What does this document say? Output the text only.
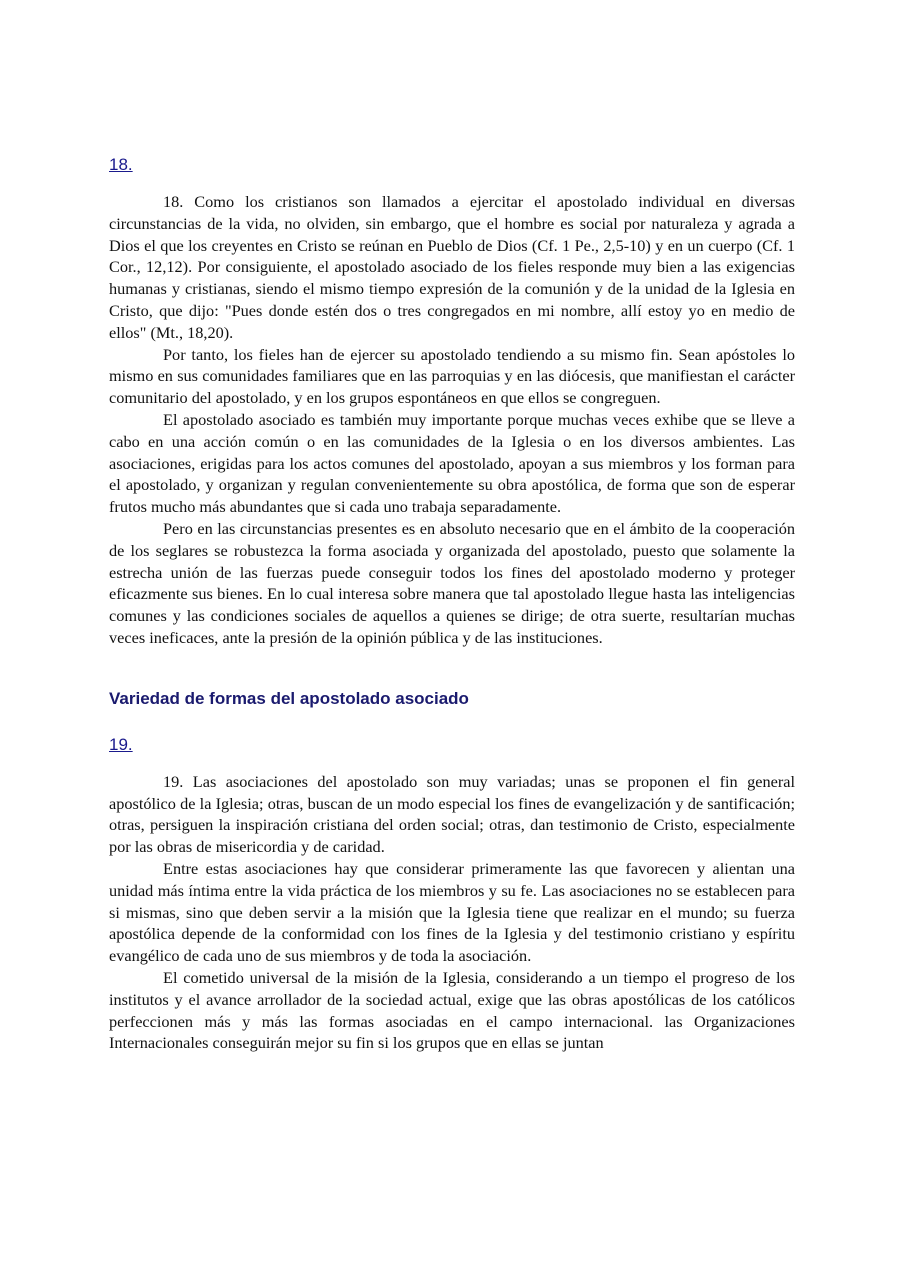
18.

18. Como los cristianos son llamados a ejercitar el apostolado individual en diversas circunstancias de la vida, no olviden, sin embargo, que el hombre es social por naturaleza y agrada a Dios el que los creyentes en Cristo se reúnan en Pueblo de Dios (Cf. 1 Pe., 2,5-10) y en un cuerpo (Cf. 1 Cor., 12,12). Por consiguiente, el apostolado asociado de los fieles responde muy bien a las exigencias humanas y cristianas, siendo el mismo tiempo expresión de la comunión y de la unidad de la Iglesia en Cristo, que dijo: "Pues donde estén dos o tres congregados en mi nombre, allí estoy yo en medio de ellos" (Mt., 18,20).

Por tanto, los fieles han de ejercer su apostolado tendiendo a su mismo fin. Sean apóstoles lo mismo en sus comunidades familiares que en las parroquias y en las diócesis, que manifiestan el carácter comunitario del apostolado, y en los grupos espontáneos en que ellos se congreguen.

El apostolado asociado es también muy importante porque muchas veces exhibe que se lleve a cabo en una acción común o en las comunidades de la Iglesia o en los diversos ambientes. Las asociaciones, erigidas para los actos comunes del apostolado, apoyan a sus miembros y los forman para el apostolado, y organizan y regulan convenientemente su obra apostólica, de forma que son de esperar frutos mucho más abundantes que si cada uno trabaja separadamente.

Pero en las circunstancias presentes es en absoluto necesario que en el ámbito de la cooperación de los seglares se robustezca la forma asociada y organizada del apostolado, puesto que solamente la estrecha unión de las fuerzas puede conseguir todos los fines del apostolado moderno y proteger eficazmente sus bienes. En lo cual interesa sobre manera que tal apostolado llegue hasta las inteligencias comunes y las condiciones sociales de aquellos a quienes se dirige; de otra suerte, resultarían muchas veces ineficaces, ante la presión de la opinión pública y de las instituciones.

Variedad de formas del apostolado asociado
19.

19. Las asociaciones del apostolado son muy variadas; unas se proponen el fin general apostólico de la Iglesia; otras, buscan de un modo especial los fines de evangelización y de santificación; otras, persiguen la inspiración cristiana del orden social; otras, dan testimonio de Cristo, especialmente por las obras de misericordia y de caridad.

Entre estas asociaciones hay que considerar primeramente las que favorecen y alientan una unidad más íntima entre la vida práctica de los miembros y su fe. Las asociaciones no se establecen para si mismas, sino que deben servir a la misión que la Iglesia tiene que realizar en el mundo; su fuerza apostólica depende de la conformidad con los fines de la Iglesia y del testimonio cristiano y espíritu evangélico de cada uno de sus miembros y de toda la asociación.

El cometido universal de la misión de la Iglesia, considerando a un tiempo el progreso de los institutos y el avance arrollador de la sociedad actual, exige que las obras apostólicas de los católicos perfeccionen más y más las formas asociadas en el campo internacional. las Organizaciones Internacionales conseguirán mejor su fin si los grupos que en ellas se juntan
